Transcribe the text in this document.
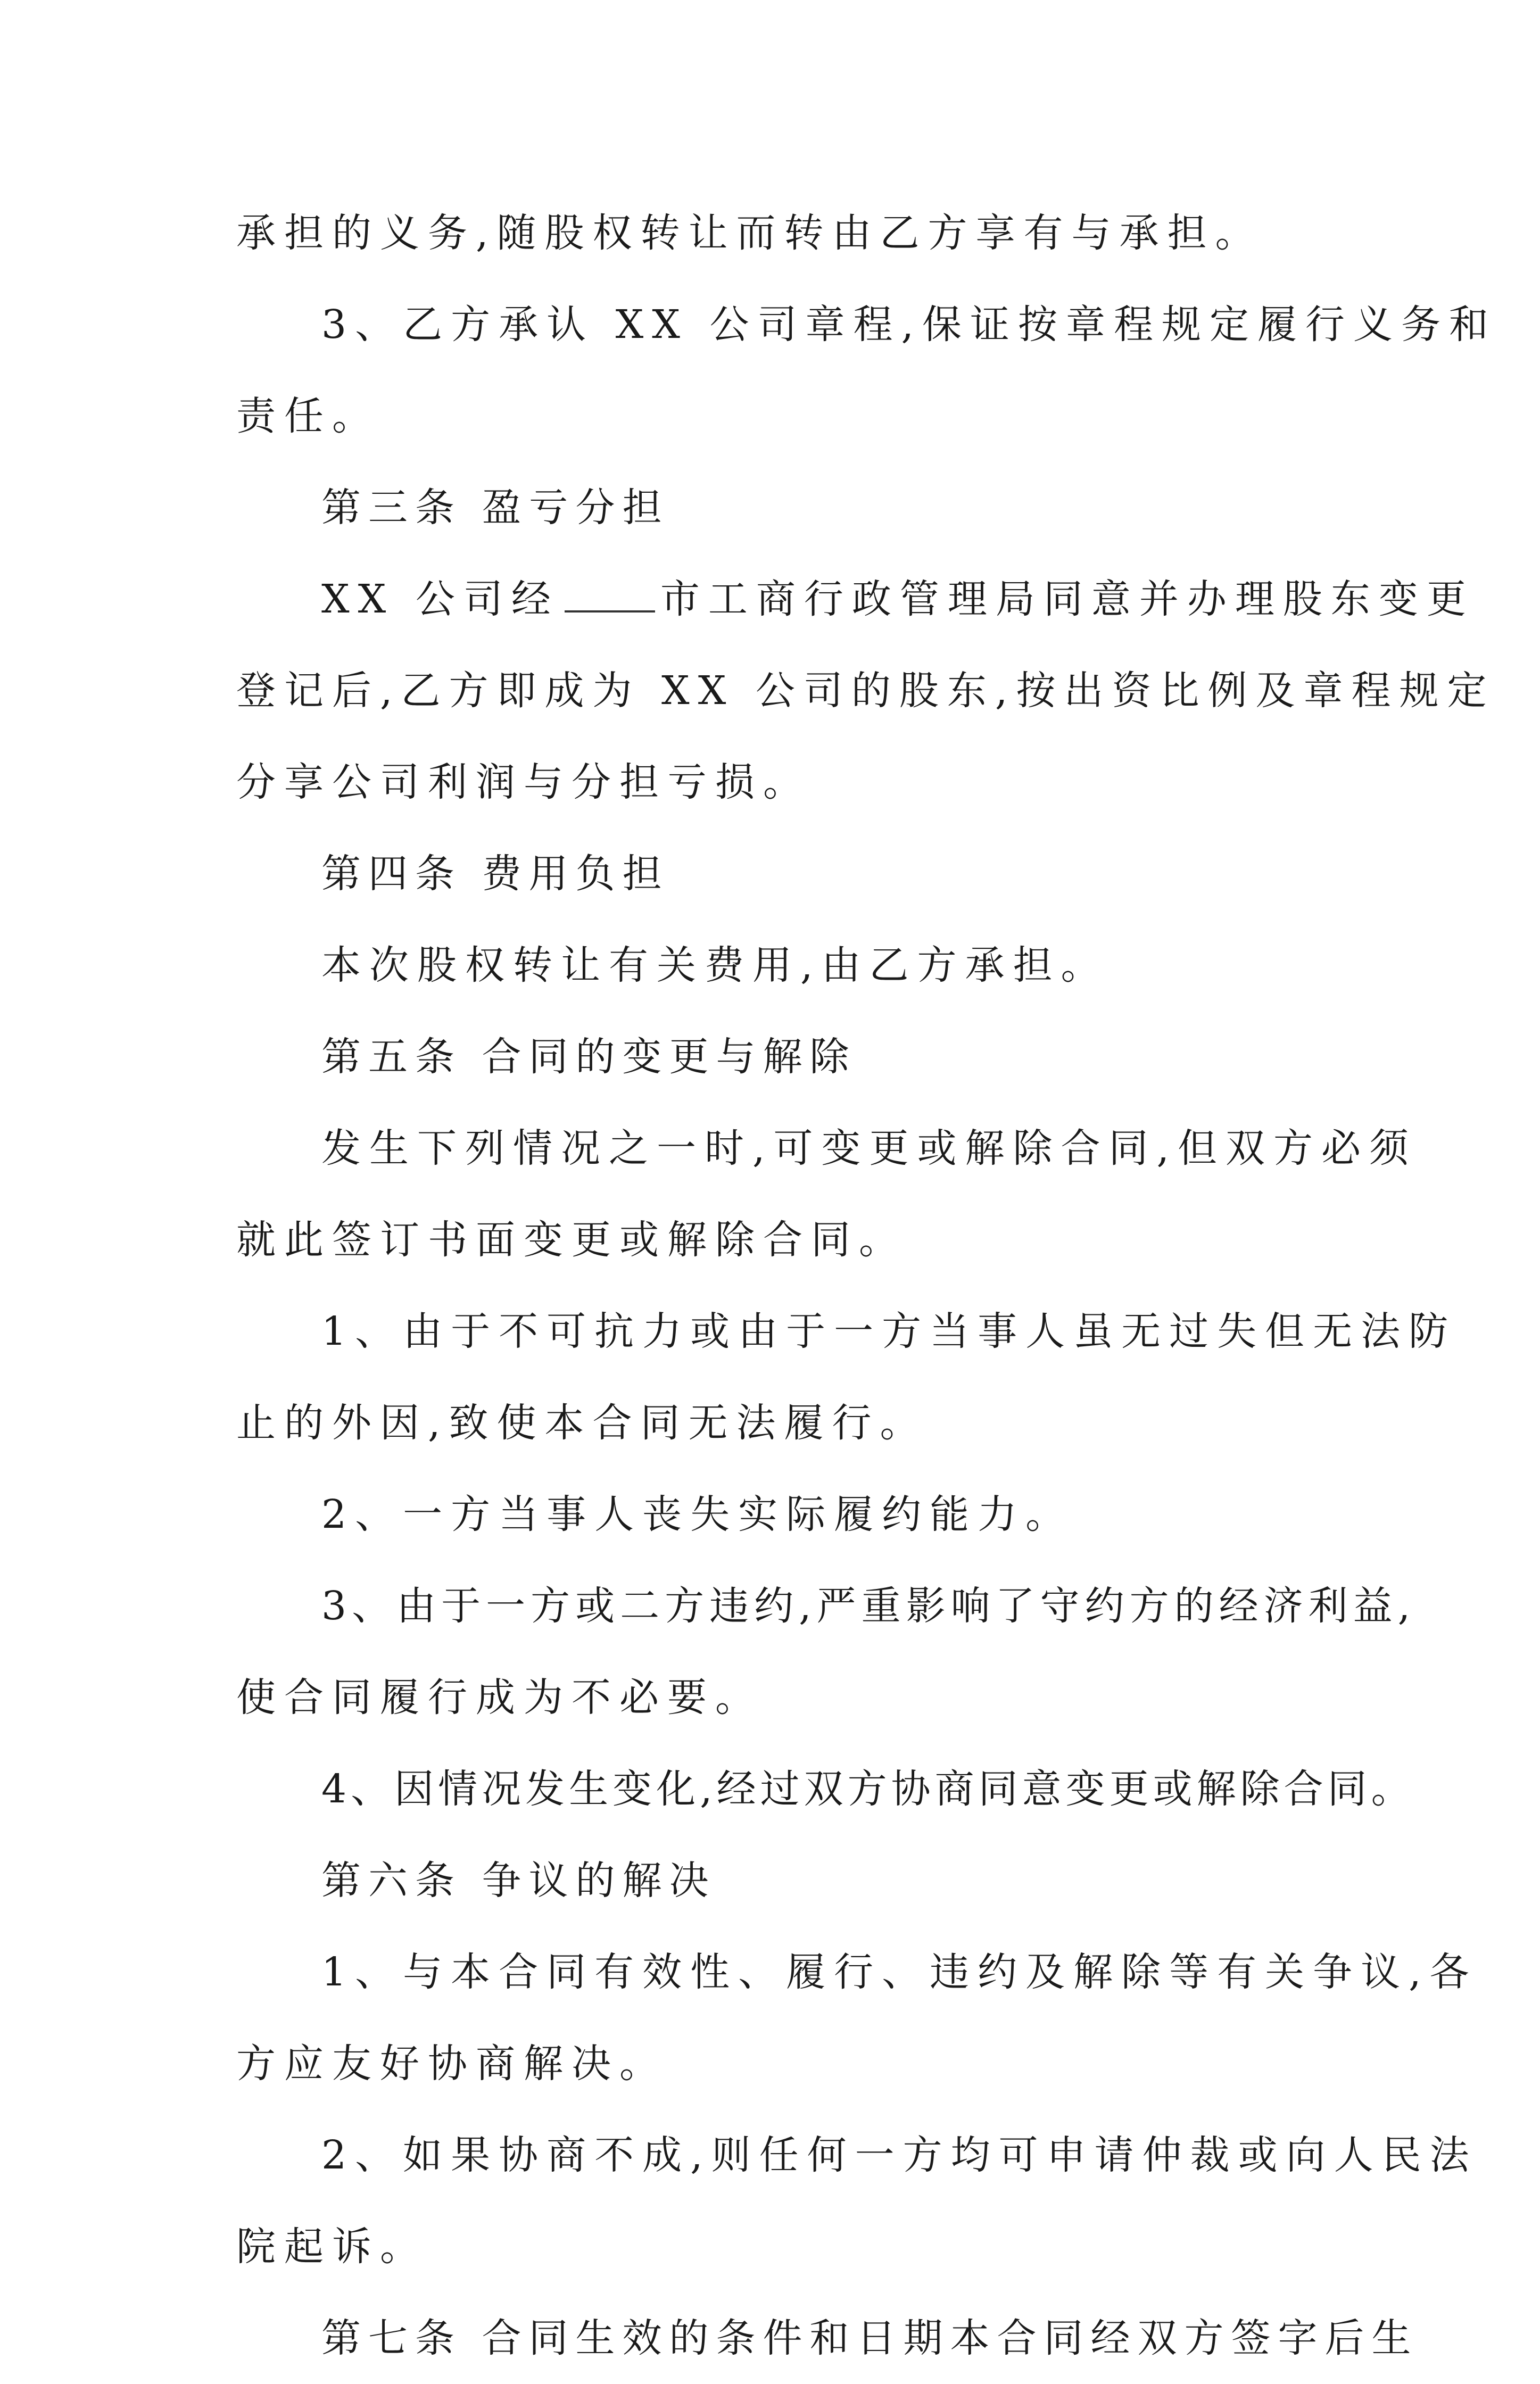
承担的义务,随股权转让而转由乙方享有与承担。
3、乙方承认 XX 公司章程,保证按章程规定履行义务和
责任。
第三条 盈亏分担
XX 公司经	市工商行政管理局同意并办理股东变更
登记后,乙方即成为 XX 公司的股东,按出资比例及章程规定
分享公司利润与分担亏损。
第四条 费用负担
本次股权转让有关费用,由乙方承担。
第五条 合同的变更与解除
发生下列情况之一时,可变更或解除合同,但双方必须
就此签订书面变更或解除合同。
1、由于不可抗力或由于一方当事人虽无过失但无法防
止的外因,致使本合同无法履行。
2、一方当事人丧失实际履约能力。
3、由于一方或二方违约,严重影响了守约方的经济利益,
使合同履行成为不必要。
4、因情况发生变化,经过双方协商同意变更或解除合同。
第六条 争议的解决
1、与本合同有效性、履行、违约及解除等有关争议,各
方应友好协商解决。
2、如果协商不成,则任何一方均可申请仲裁或向人民法
院起诉。
第七条 合同生效的条件和日期本合同经双方签字后生
